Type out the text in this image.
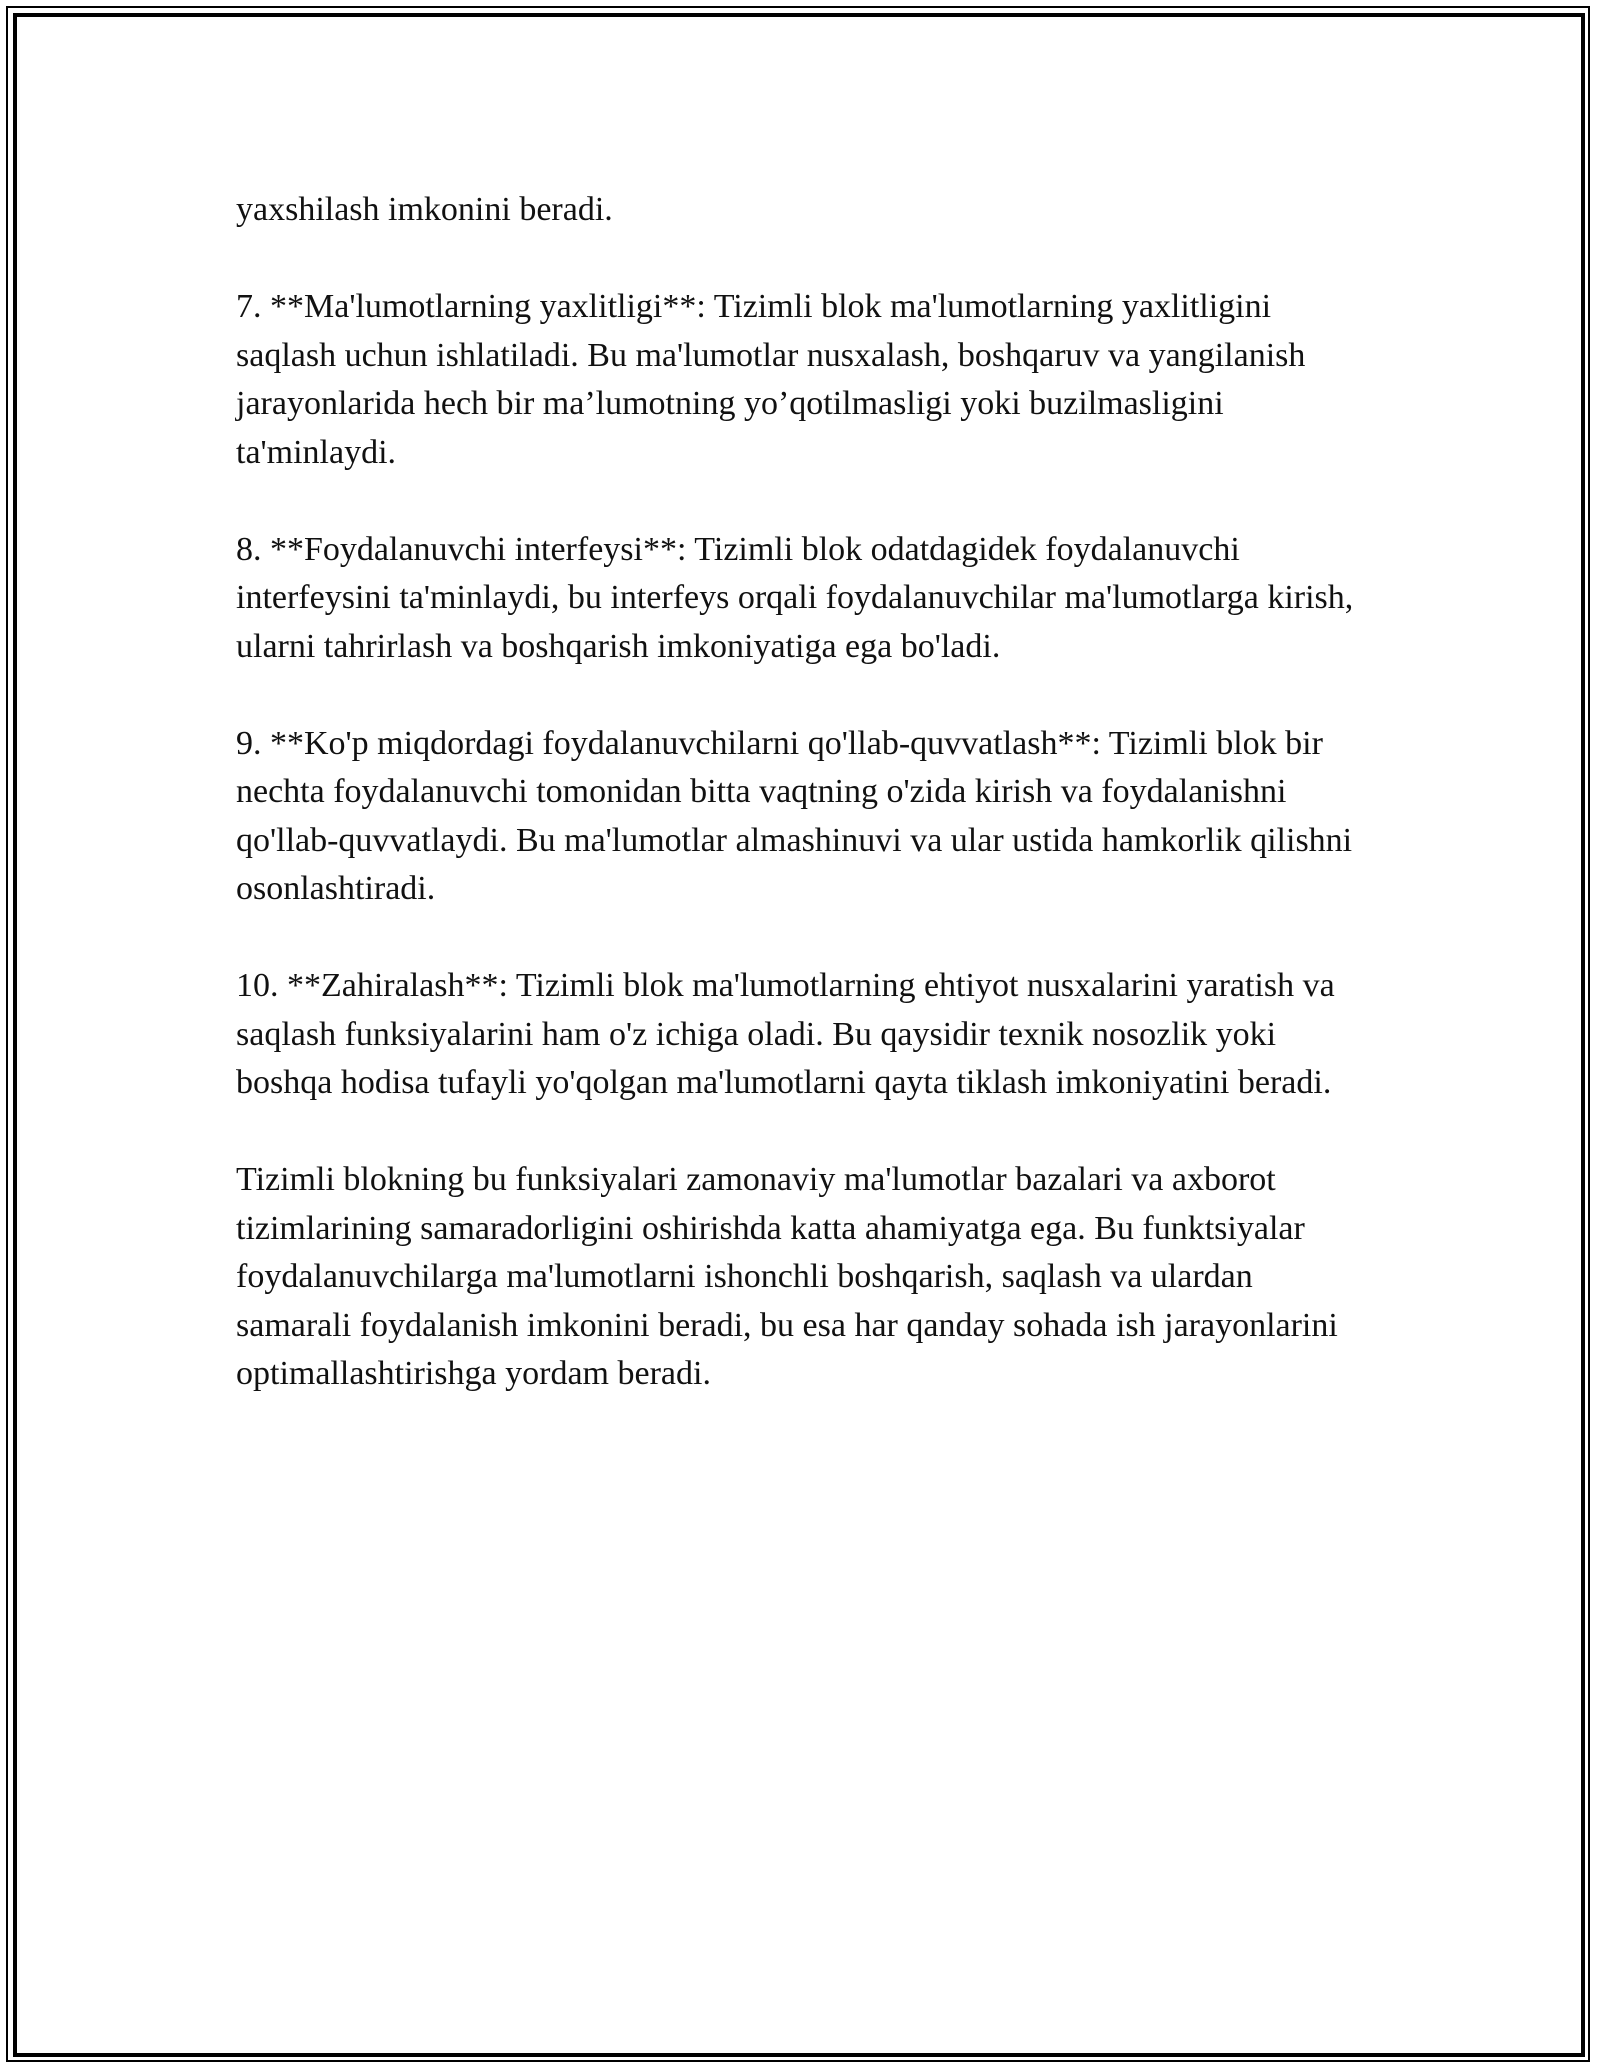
yaxshilash imkonini beradi.

7. **Ma'lumotlarning yaxlitligi**: Tizimli blok ma'lumotlarning yaxlitligini saqlash uchun ishlatiladi. Bu ma'lumotlar nusxalash, boshqaruv va yangilanish jarayonlarida hech bir ma’lumotning yo’qotilmasligi yoki buzilmasligini ta'minlaydi.

8. **Foydalanuvchi interfeysi**: Tizimli blok odatdagidek foydalanuvchi interfeysini ta'minlaydi, bu interfeys orqali foydalanuvchilar ma'lumotlarga kirish, ularni tahrirlash va boshqarish imkoniyatiga ega bo'ladi.

9. **Ko'p miqdordagi foydalanuvchilarni qo'llab-quvvatlash**: Tizimli blok bir nechta foydalanuvchi tomonidan bitta vaqtning o'zida kirish va foydalanishni qo'llab-quvvatlaydi. Bu ma'lumotlar almashinuvi va ular ustida hamkorlik qilishni osonlashtiradi.

10. **Zahiralash**: Tizimli blok ma'lumotlarning ehtiyot nusxalarini yaratish va saqlash funksiyalarini ham o'z ichiga oladi. Bu qaysidir texnik nosozlik yoki boshqa hodisa tufayli yo'qolgan ma'lumotlarni qayta tiklash imkoniyatini beradi.

Tizimli blokning bu funksiyalari zamonaviy ma'lumotlar bazalari va axborot tizimlarining samaradorligini oshirishda katta ahamiyatga ega. Bu funktsiyalar foydalanuvchilarga ma'lumotlarni ishonchli boshqarish, saqlash va ulardan samarali foydalanish imkonini beradi, bu esa har qanday sohada ish jarayonlarini optimallashtirishga yordam beradi.
